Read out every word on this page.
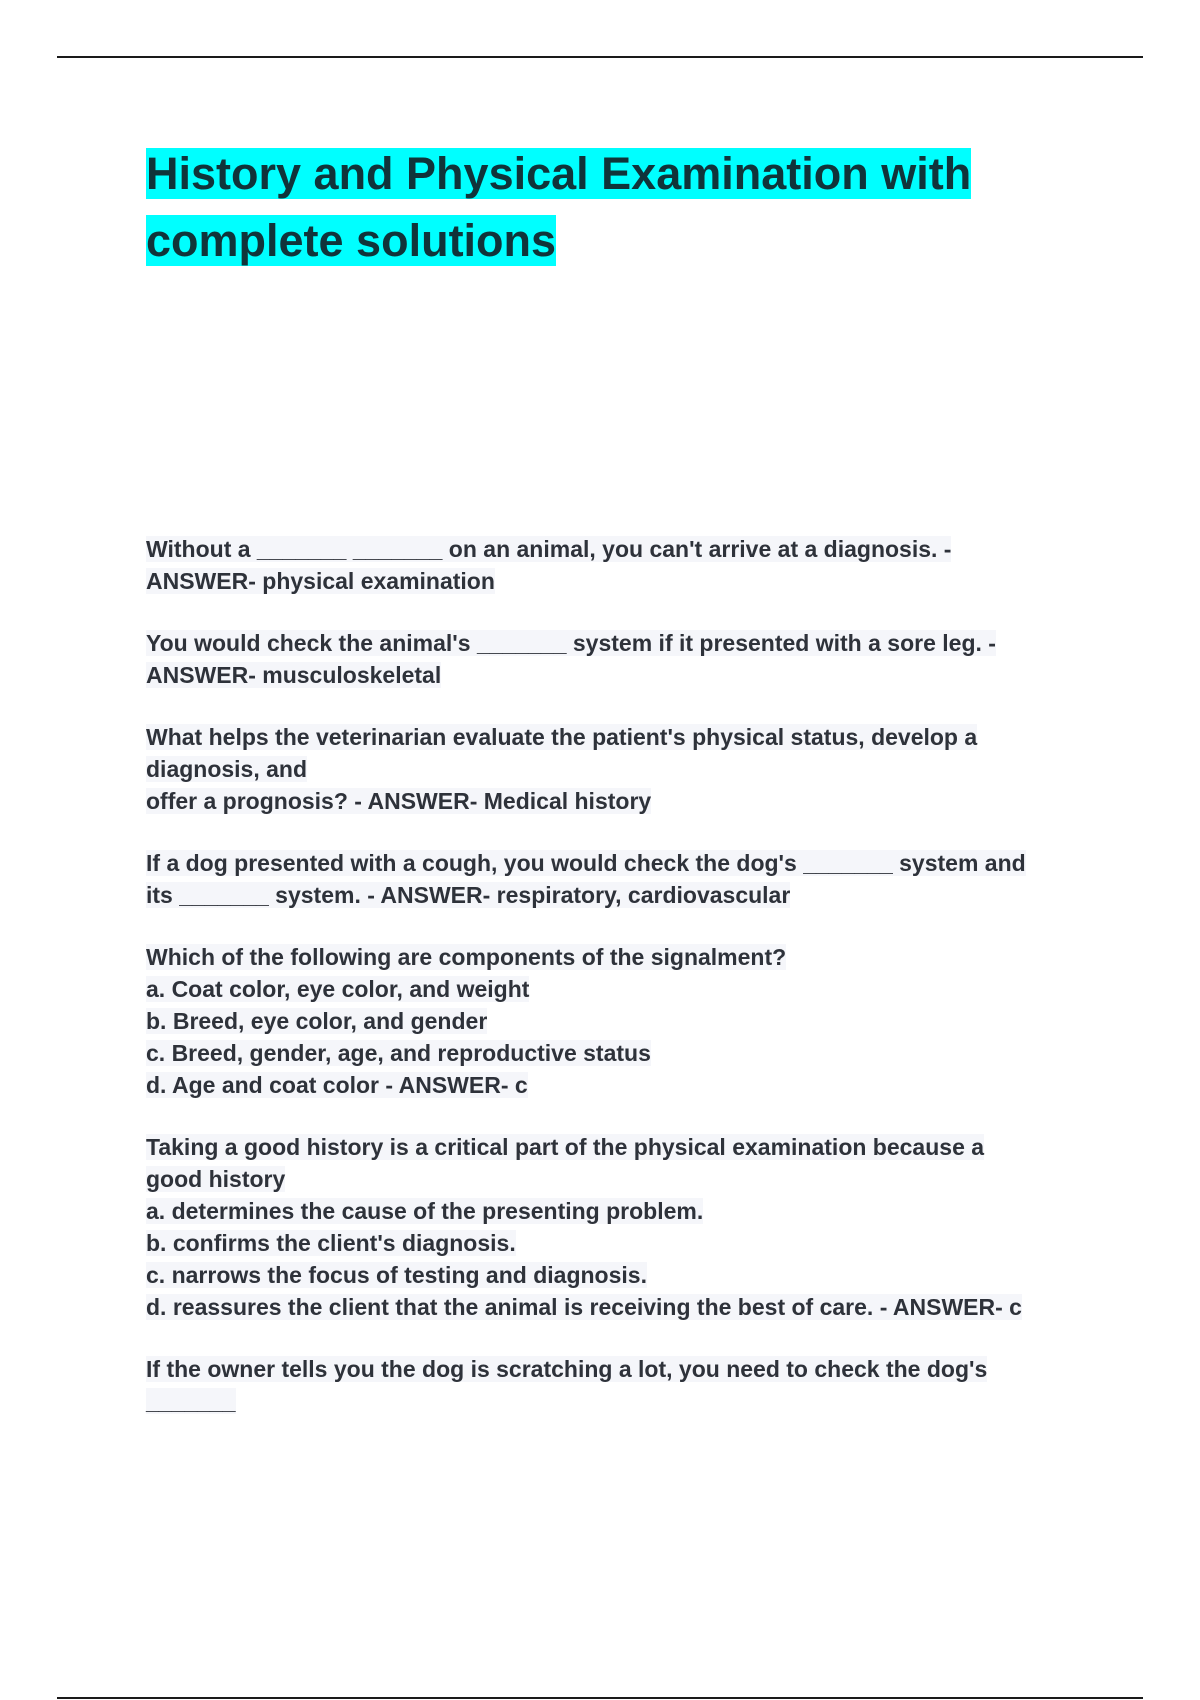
History and Physical Examination with
complete solutions
Without a _______ _______ on an animal, you can't arrive at a diagnosis. -
ANSWER- physical examination
You would check the animal's _______ system if it presented with a sore leg. -
ANSWER- musculoskeletal
What helps the veterinarian evaluate the patient's physical status, develop a
diagnosis, and
offer a prognosis? - ANSWER- Medical history
If a dog presented with a cough, you would check the dog's _______ system and
its _______ system. - ANSWER- respiratory, cardiovascular
Which of the following are components of the signalment?
a. Coat color, eye color, and weight
b. Breed, eye color, and gender
c. Breed, gender, age, and reproductive status
d. Age and coat color - ANSWER- c
Taking a good history is a critical part of the physical examination because a
good history
a. determines the cause of the presenting problem.
b. confirms the client's diagnosis.
c. narrows the focus of testing and diagnosis.
d. reassures the client that the animal is receiving the best of care. - ANSWER- c
If the owner tells you the dog is scratching a lot, you need to check the dog's
_______
